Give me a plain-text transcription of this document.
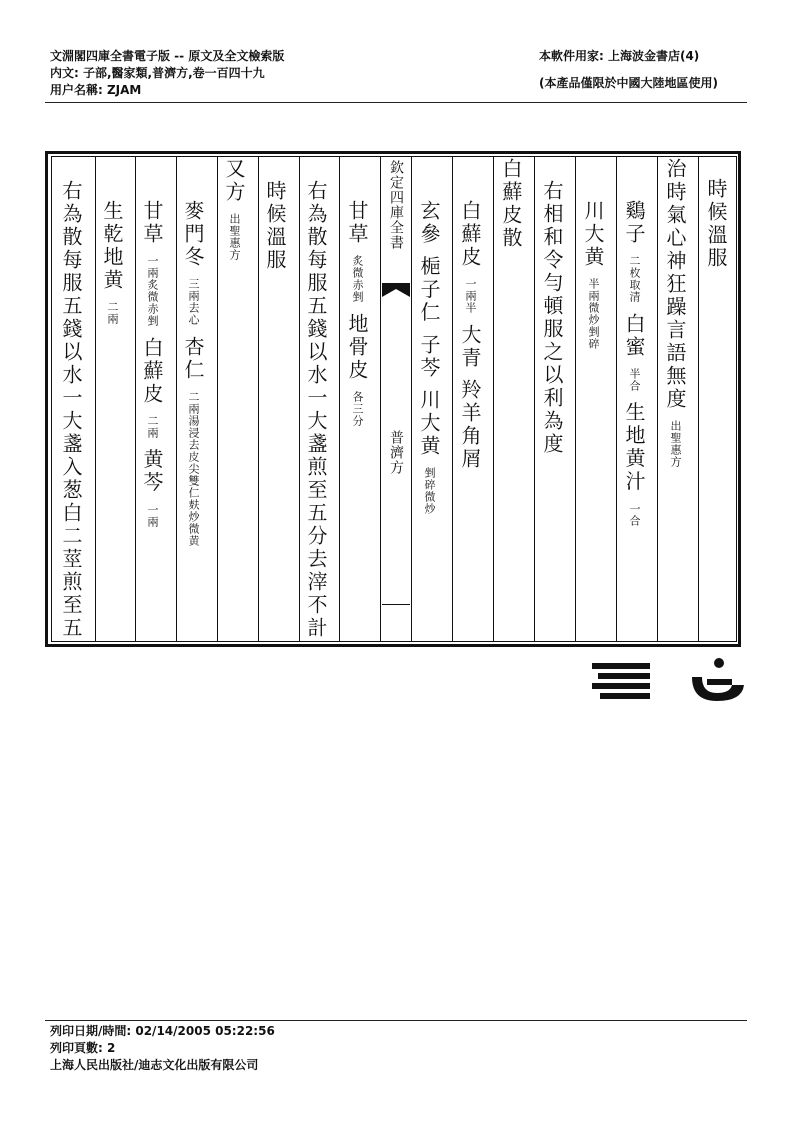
文淵閣四庫全書電子版 -- 原文及全文檢索版
内文: 子部,醫家類,普濟方,卷一百四十九
用户名稱: ZJAM
本軟件用家: 上海波金書店(4)
(本產品僅限於中國大陸地區使用)
時候溫服
治時氣心神狂躁言語無度 出聖惠方
鷄子 二枚取清 白蜜 半合 生地黄汁 一合
川大黄 半兩微炒剉碎
右相和令勻頓服之以利為度
白蘚皮散
白蘚皮 一兩半 大青 羚羊角屑
玄參 梔子仁 子芩 川大黄 剉碎微炒
欽定四庫全書
普濟方
甘草 炙微赤剉 地骨皮 各三分
右為散每服五錢以水一大盞煎至五分去滓不計
時候溫服
又方 出聖惠方
麥門冬 三兩去心 杏仁 二兩湯浸去皮尖雙仁麸炒微黄
甘草 一兩炙微赤剉 白蘚皮 二兩 黄芩 一兩
生乾地黄 二兩
右為散每服五錢以水一大盞入葱白二莖煎至五
列印日期/時間: 02/14/2005 05:22:56
列印頁數: 2
上海人民出版社/迪志文化出版有限公司
